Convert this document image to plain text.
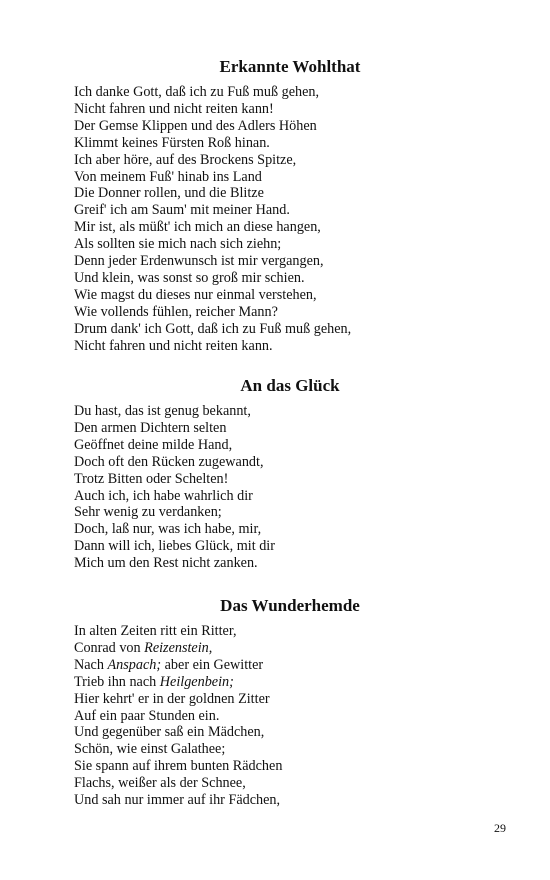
Erkannte Wohlthat
Ich danke Gott, daß ich zu Fuß muß gehen,
Nicht fahren und nicht reiten kann!
Der Gemse Klippen und des Adlers Höhen
Klimmt keines Fürsten Roß hinan.
Ich aber höre, auf des Brockens Spitze,
Von meinem Fuß' hinab ins Land
Die Donner rollen, und die Blitze
Greif' ich am Saum' mit meiner Hand.
Mir ist, als müßt' ich mich an diese hangen,
Als sollten sie mich nach sich ziehn;
Denn jeder Erdenwunsch ist mir vergangen,
Und klein, was sonst so groß mir schien.
Wie magst du dieses nur einmal verstehen,
Wie vollends fühlen, reicher Mann?
Drum dank' ich Gott, daß ich zu Fuß muß gehen,
Nicht fahren und nicht reiten kann.
An das Glück
Du hast, das ist genug bekannt,
Den armen Dichtern selten
Geöffnet deine milde Hand,
Doch oft den Rücken zugewandt,
Trotz Bitten oder Schelten!
Auch ich, ich habe wahrlich dir
Sehr wenig zu verdanken;
Doch, laß nur, was ich habe, mir,
Dann will ich, liebes Glück, mit dir
Mich um den Rest nicht zanken.
Das Wunderhemde
In alten Zeiten ritt ein Ritter,
Conrad von Reizenstein,
Nach Anspach; aber ein Gewitter
Trieb ihn nach Heilgenbein;
Hier kehrt' er in der goldnen Zitter
Auf ein paar Stunden ein.
Und gegenüber saß ein Mädchen,
Schön, wie einst Galathee;
Sie spann auf ihrem bunten Rädchen
Flachs, weißer als der Schnee,
Und sah nur immer auf ihr Fädchen,
29
